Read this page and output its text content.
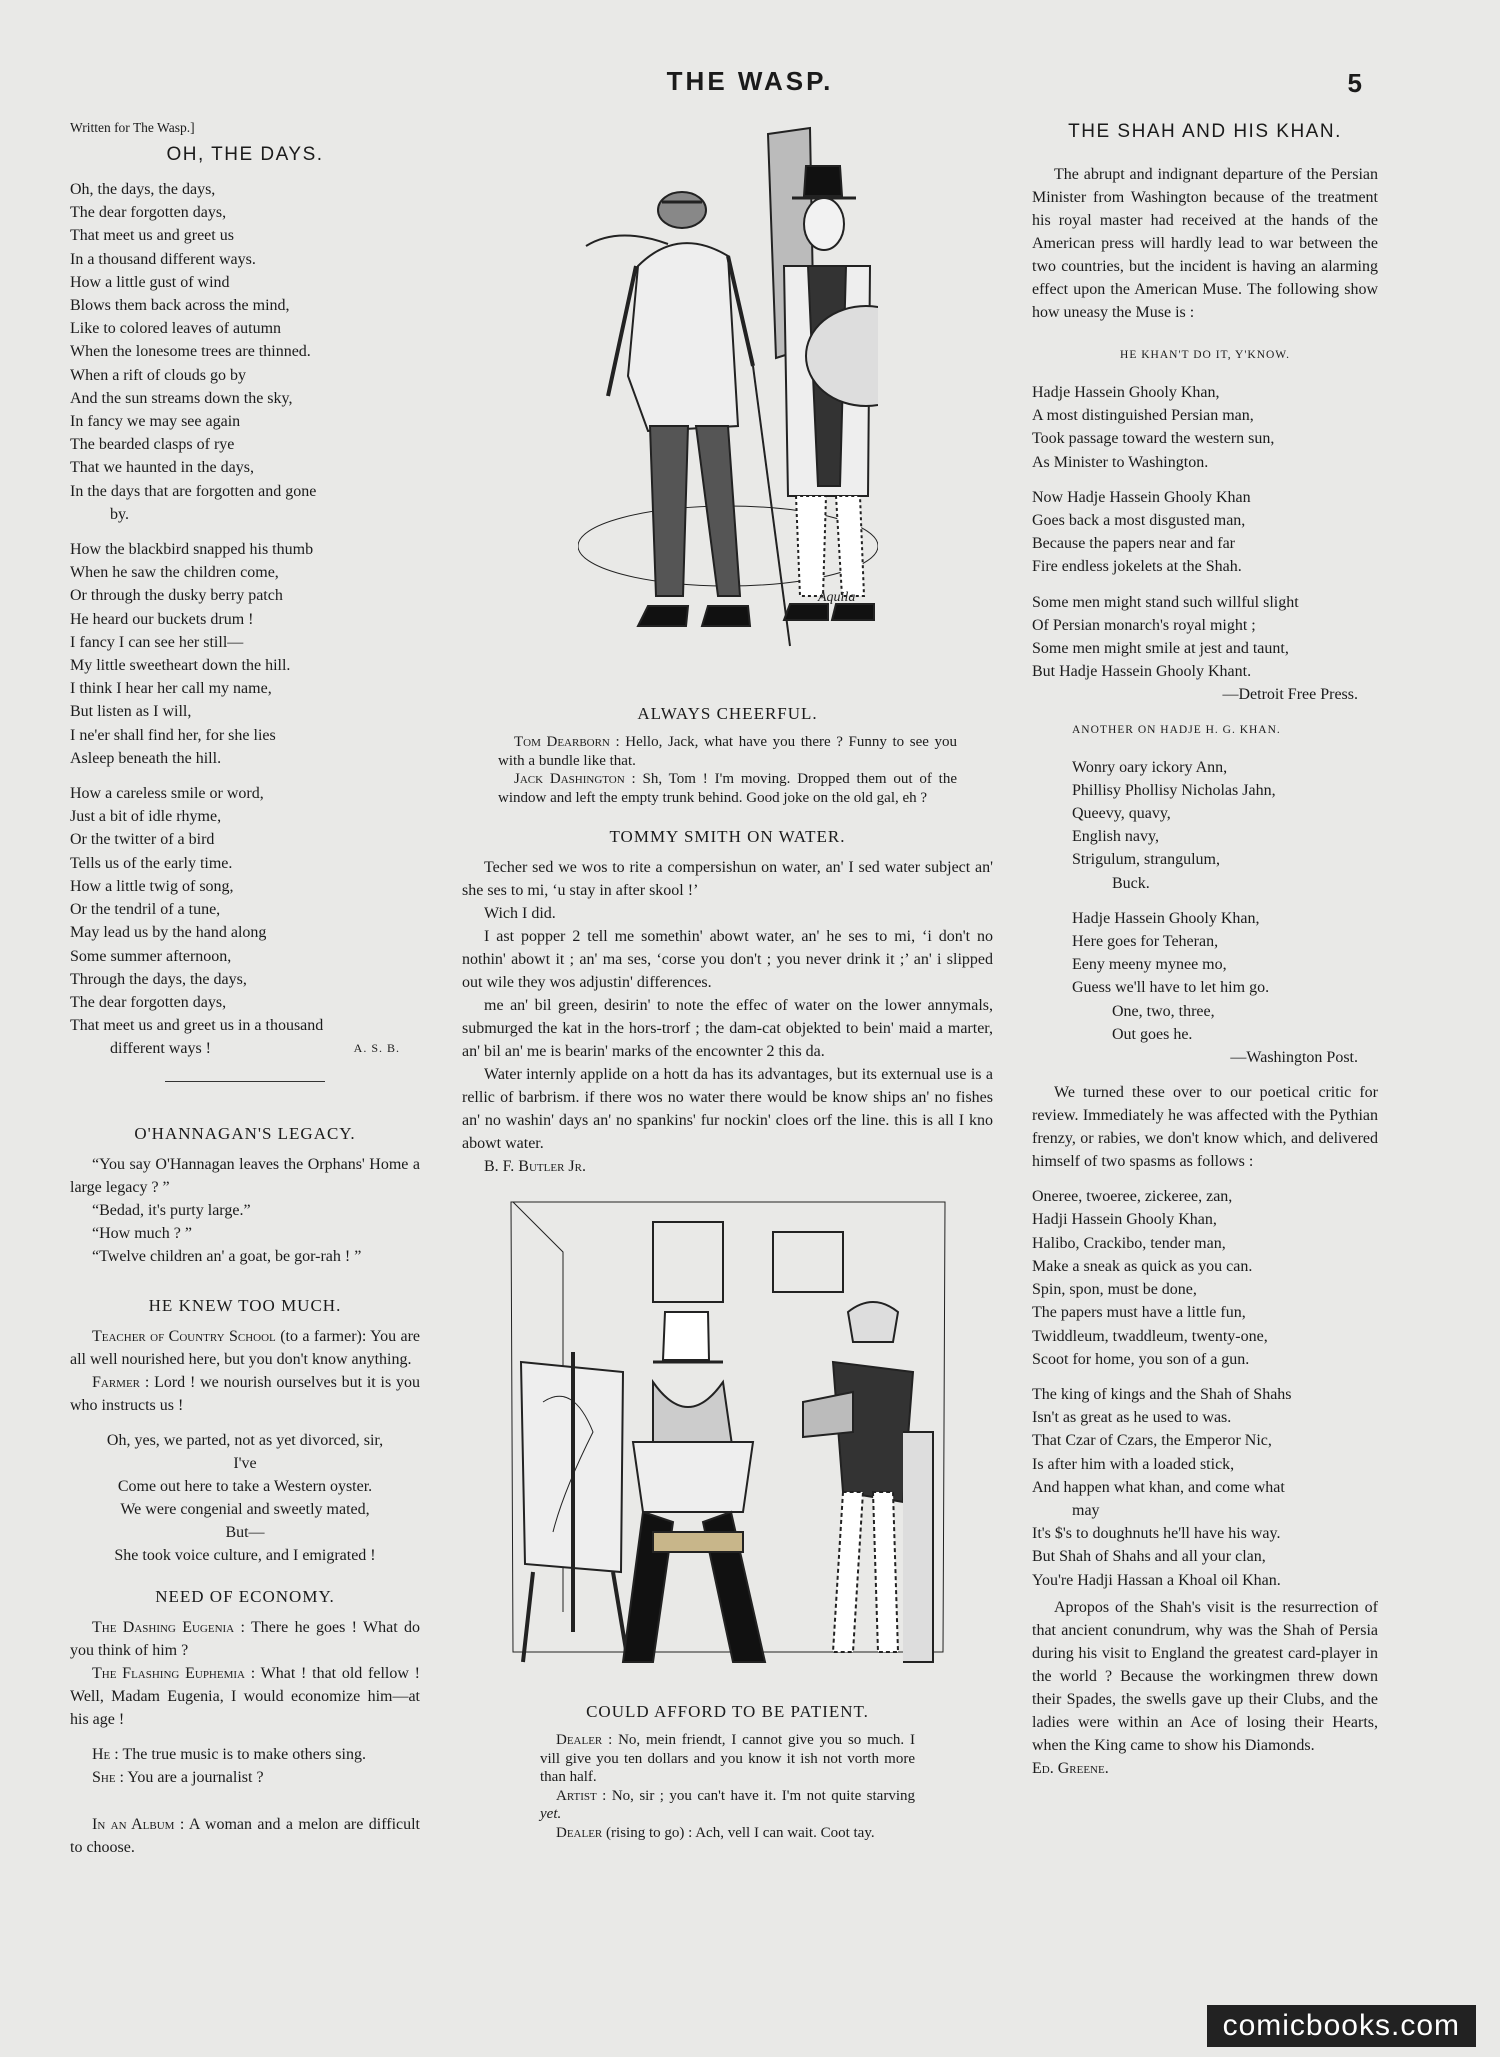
THE WASP.	5

Written for The Wasp.]

OH, THE DAYS.

Oh, the days, the days,

The dear forgotten days,

That meet us and greet us

In a thousand different ways.

How a little gust of wind

Blows them back across the mind,

Like to colored leaves of autumn

When the lonesome trees are thinned.

When a rift of clouds go by

And the sun streams down the sky,

In fancy we may see again

The bearded clasps of rye

That we haunted in the days,

In the days that are forgotten and gone

by.

How the blackbird snapped his thumb

When he saw the children come,

Or through the dusky berry patch

He heard our buckets drum !

I fancy I can see her still—

My little sweetheart down the hill.

I think I hear her call my name,

But listen as I will,

I ne'er shall find her, for she lies

Asleep beneath the hill.

How a careless smile or word,

Just a bit of idle rhyme,

Or the twitter of a bird

Tells us of the early time.

How a little twig of song,

Or the tendril of a tune,

May lead us by the hand along

Some summer afternoon,

Through the days, the days,

The dear forgotten days,

That meet us and greet us in a thousand

different ways !	A. S. B.

O'HANNAGAN'S LEGACY.

“You say O'Hannagan leaves the Orphans' Home a large legacy ? ”

“Bedad, it's purty large.”

“How much ? ”

“Twelve children an' a goat, be gor-rah ! ”

HE KNEW TOO MUCH.

Teacher of Country School (to a farmer): You are all well nourished here, but you don't know anything.

Farmer : Lord ! we nourish ourselves but it is you who instructs us !

Oh, yes, we parted, not as yet divorced, sir,

I've

Come out here to take a Western oyster.

We were congenial and sweetly mated,

But—

She took voice culture, and I emigrated !

NEED OF ECONOMY.

The Dashing Eugenia : There he goes ! What do you think of him ?

The Flashing Euphemia : What ! that old fellow ! Well, Madam Eugenia, I would economize him—at his age !

He : The true music is to make others sing.

She : You are a journalist ?

In an Album : A woman and a melon are difficult to choose.

Aquila
ALWAYS CHEERFUL.

Tom Dearborn : Hello, Jack, what have you there ? Funny to see you with a bundle like that.

Jack Dashington : Sh, Tom ! I'm moving. Dropped them out of the window and left the empty trunk behind. Good joke on the old gal, eh ?

TOMMY SMITH ON WATER.

Techer sed we wos to rite a compersishun on water, an' I sed water subject an' she ses to mi, ‘u stay in after skool !’

Wich I did.

I ast popper 2 tell me somethin' abowt water, an' he ses to mi, ‘i don't no nothin' abowt it ; an' ma ses, ‘corse you don't ; you never drink it ;’ an' i slipped out wile they wos adjustin' differences.

me an' bil green, desirin' to note the effec of water on the lower annymals, submurged the kat in the hors-trorf ; the dam-cat objekted to bein' maid a marter, an' bil an' me is bearin' marks of the encownter 2 this da.

Water internly applide on a hott da has its advantages, but its externual use is a rellic of barbrism. if there wos no water there would be know ships an' no fishes an' no washin' days an' no spankins' fur nockin' cloes orf the line. this is all I kno abowt water.

B. F. Butler Jr.

COULD AFFORD TO BE PATIENT.

Dealer : No, mein friendt, I cannot give you so much. I vill give you ten dollars and you know it ish not vorth more than half.

Artist : No, sir ; you can't have it. I'm not quite starving yet.

Dealer (rising to go) : Ach, vell I can wait. Coot tay.

THE SHAH AND HIS KHAN.

The abrupt and indignant departure of the Persian Minister from Washington because of the treatment his royal master had received at the hands of the American press will hardly lead to war between the two countries, but the incident is having an alarming effect upon the American Muse. The following show how uneasy the Muse is :

HE KHAN'T DO IT, Y'KNOW.

Hadje Hassein Ghooly Khan,

A most distinguished Persian man,

Took passage toward the western sun,

As Minister to Washington.

Now Hadje Hassein Ghooly Khan

Goes back a most disgusted man,

Because the papers near and far

Fire endless jokelets at the Shah.

Some men might stand such willful slight

Of Persian monarch's royal might ;

Some men might smile at jest and taunt,

But Hadje Hassein Ghooly Khant.

—Detroit Free Press.

ANOTHER ON HADJE H. G. KHAN.

Wonry oary ickory Ann,

Phillisy Phollisy Nicholas Jahn,

Queevy, quavy,

English navy,

Strigulum, strangulum,

Buck.

Hadje Hassein Ghooly Khan,

Here goes for Teheran,

Eeny meeny mynee mo,

Guess we'll have to let him go.

One, two, three,

Out goes he.

—Washington Post.

We turned these over to our poetical critic for review. Immediately he was affected with the Pythian frenzy, or rabies, we don't know which, and delivered himself of two spasms as follows :

Oneree, twoeree, zickeree, zan,

Hadji Hassein Ghooly Khan,

Halibo, Crackibo, tender man,

Make a sneak as quick as you can.

Spin, spon, must be done,

The papers must have a little fun,

Twiddleum, twaddleum, twenty-one,

Scoot for home, you son of a gun.

The king of kings and the Shah of Shahs

Isn't as great as he used to was.

That Czar of Czars, the Emperor Nic,

Is after him with a loaded stick,

And happen what khan, and come what

may

It's $'s to doughnuts he'll have his way.

But Shah of Shahs and all your clan,

You're Hadji Hassan a Khoal oil Khan.

Apropos of the Shah's visit is the resurrection of that ancient conundrum, why was the Shah of Persia during his visit to England the greatest card-player in the world ? Because the workingmen threw down their Spades, the swells gave up their Clubs, and the ladies were within an Ace of losing their Hearts, when the King came to show his Diamonds.

Ed. Greene.

comicbooks.com
